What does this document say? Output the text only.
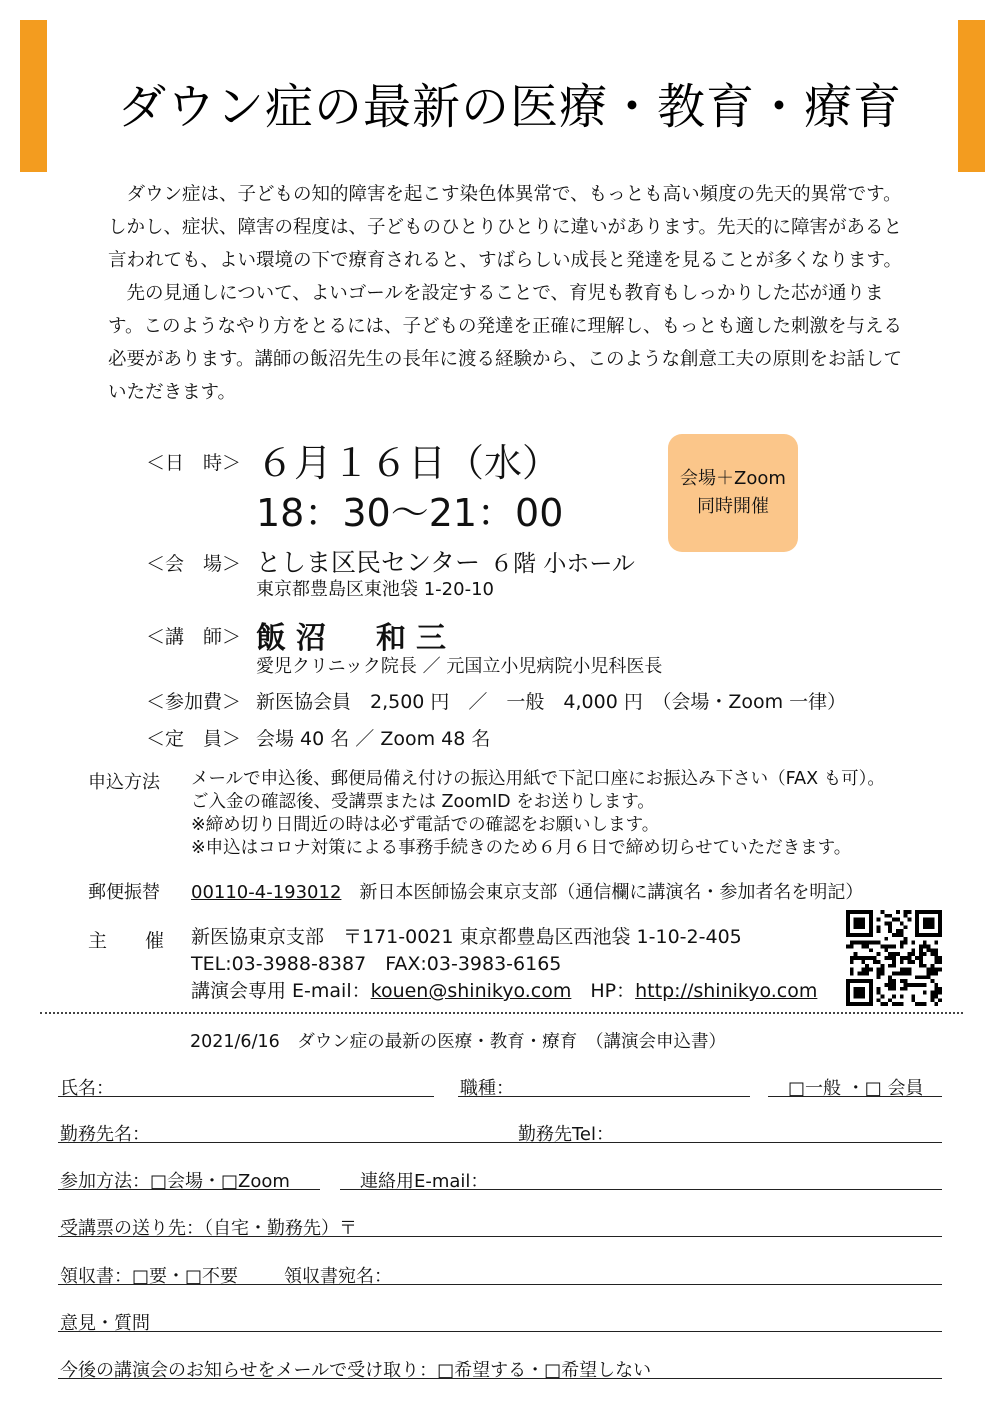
ダウン症の最新の医療・教育・療育

ダウン症は、子どもの知的障害を起こす染色体異常で、もっとも高い頻度の先天的異常です。しかし、症状、障害の程度は、子どものひとりひとりに違いがあります。先天的に障害があると言われても、よい環境の下で療育されると、すばらしい成長と発達を見ることが多くなります。

先の見通しについて、よいゴールを設定することで、育児も教育もしっかりした芯が通ります。このようなやり方をとるには、子どもの発達を正確に理解し、もっとも適した刺激を与える必要があります。講師の飯沼先生の長年に渡る経験から、このような創意工夫の原則をお話していただきます。

＜日　時＞ ６月１６日（水）
18：30～21：00
会場＋Zoom
同時開催
＜会　場＞ としま区民センター ６階 小ホール
東京都豊島区東池袋 1-20-10
＜講　師＞ 飯沼　和三
愛児クリニック院長 ／ 元国立小児病院小児科医長
＜参加費＞ 新医協会員　2,500 円　／　一般　4,000 円　（会場・Zoom 一律）
＜定　員＞ 会場 40 名 ／ Zoom 48 名
申込方法 メールで申込後、郵便局備え付けの振込用紙で下記口座にお振込み下さい（FAX も可）。
ご入金の確認後、受講票または ZoomID をお送りします。
※締め切り日間近の時は必ず電話での確認をお願いします。
※申込はコロナ対策による事務手続きのため６月６日で締め切らせていただきます。
郵便振替 00110-4-193012　 新日本医師協会東京支部（通信欄に講演名・参加者名を明記）
主　　催 新医協東京支部　〒171-0021 東京都豊島区西池袋 1-10-2-405
TEL:03-3988-8387　FAX:03-3983-6165
講演会専用 E-mail：kouen@shinikyo.com　 HP：http://shinikyo.com
2021/6/16　ダウン症の最新の医療・教育・療育　（講演会申込書）
氏名：	職種：	□一般 ・□ 会員
勤務先名：	勤務先Tel：
参加方法：□会場・□Zoom	連絡用E-mail：
受講票の送り先：（自宅・勤務先）〒
領収書：□要・□不要	領収書宛名：
意見・質問
今後の講演会のお知らせをメールで受け取り：□希望する・□希望しない
